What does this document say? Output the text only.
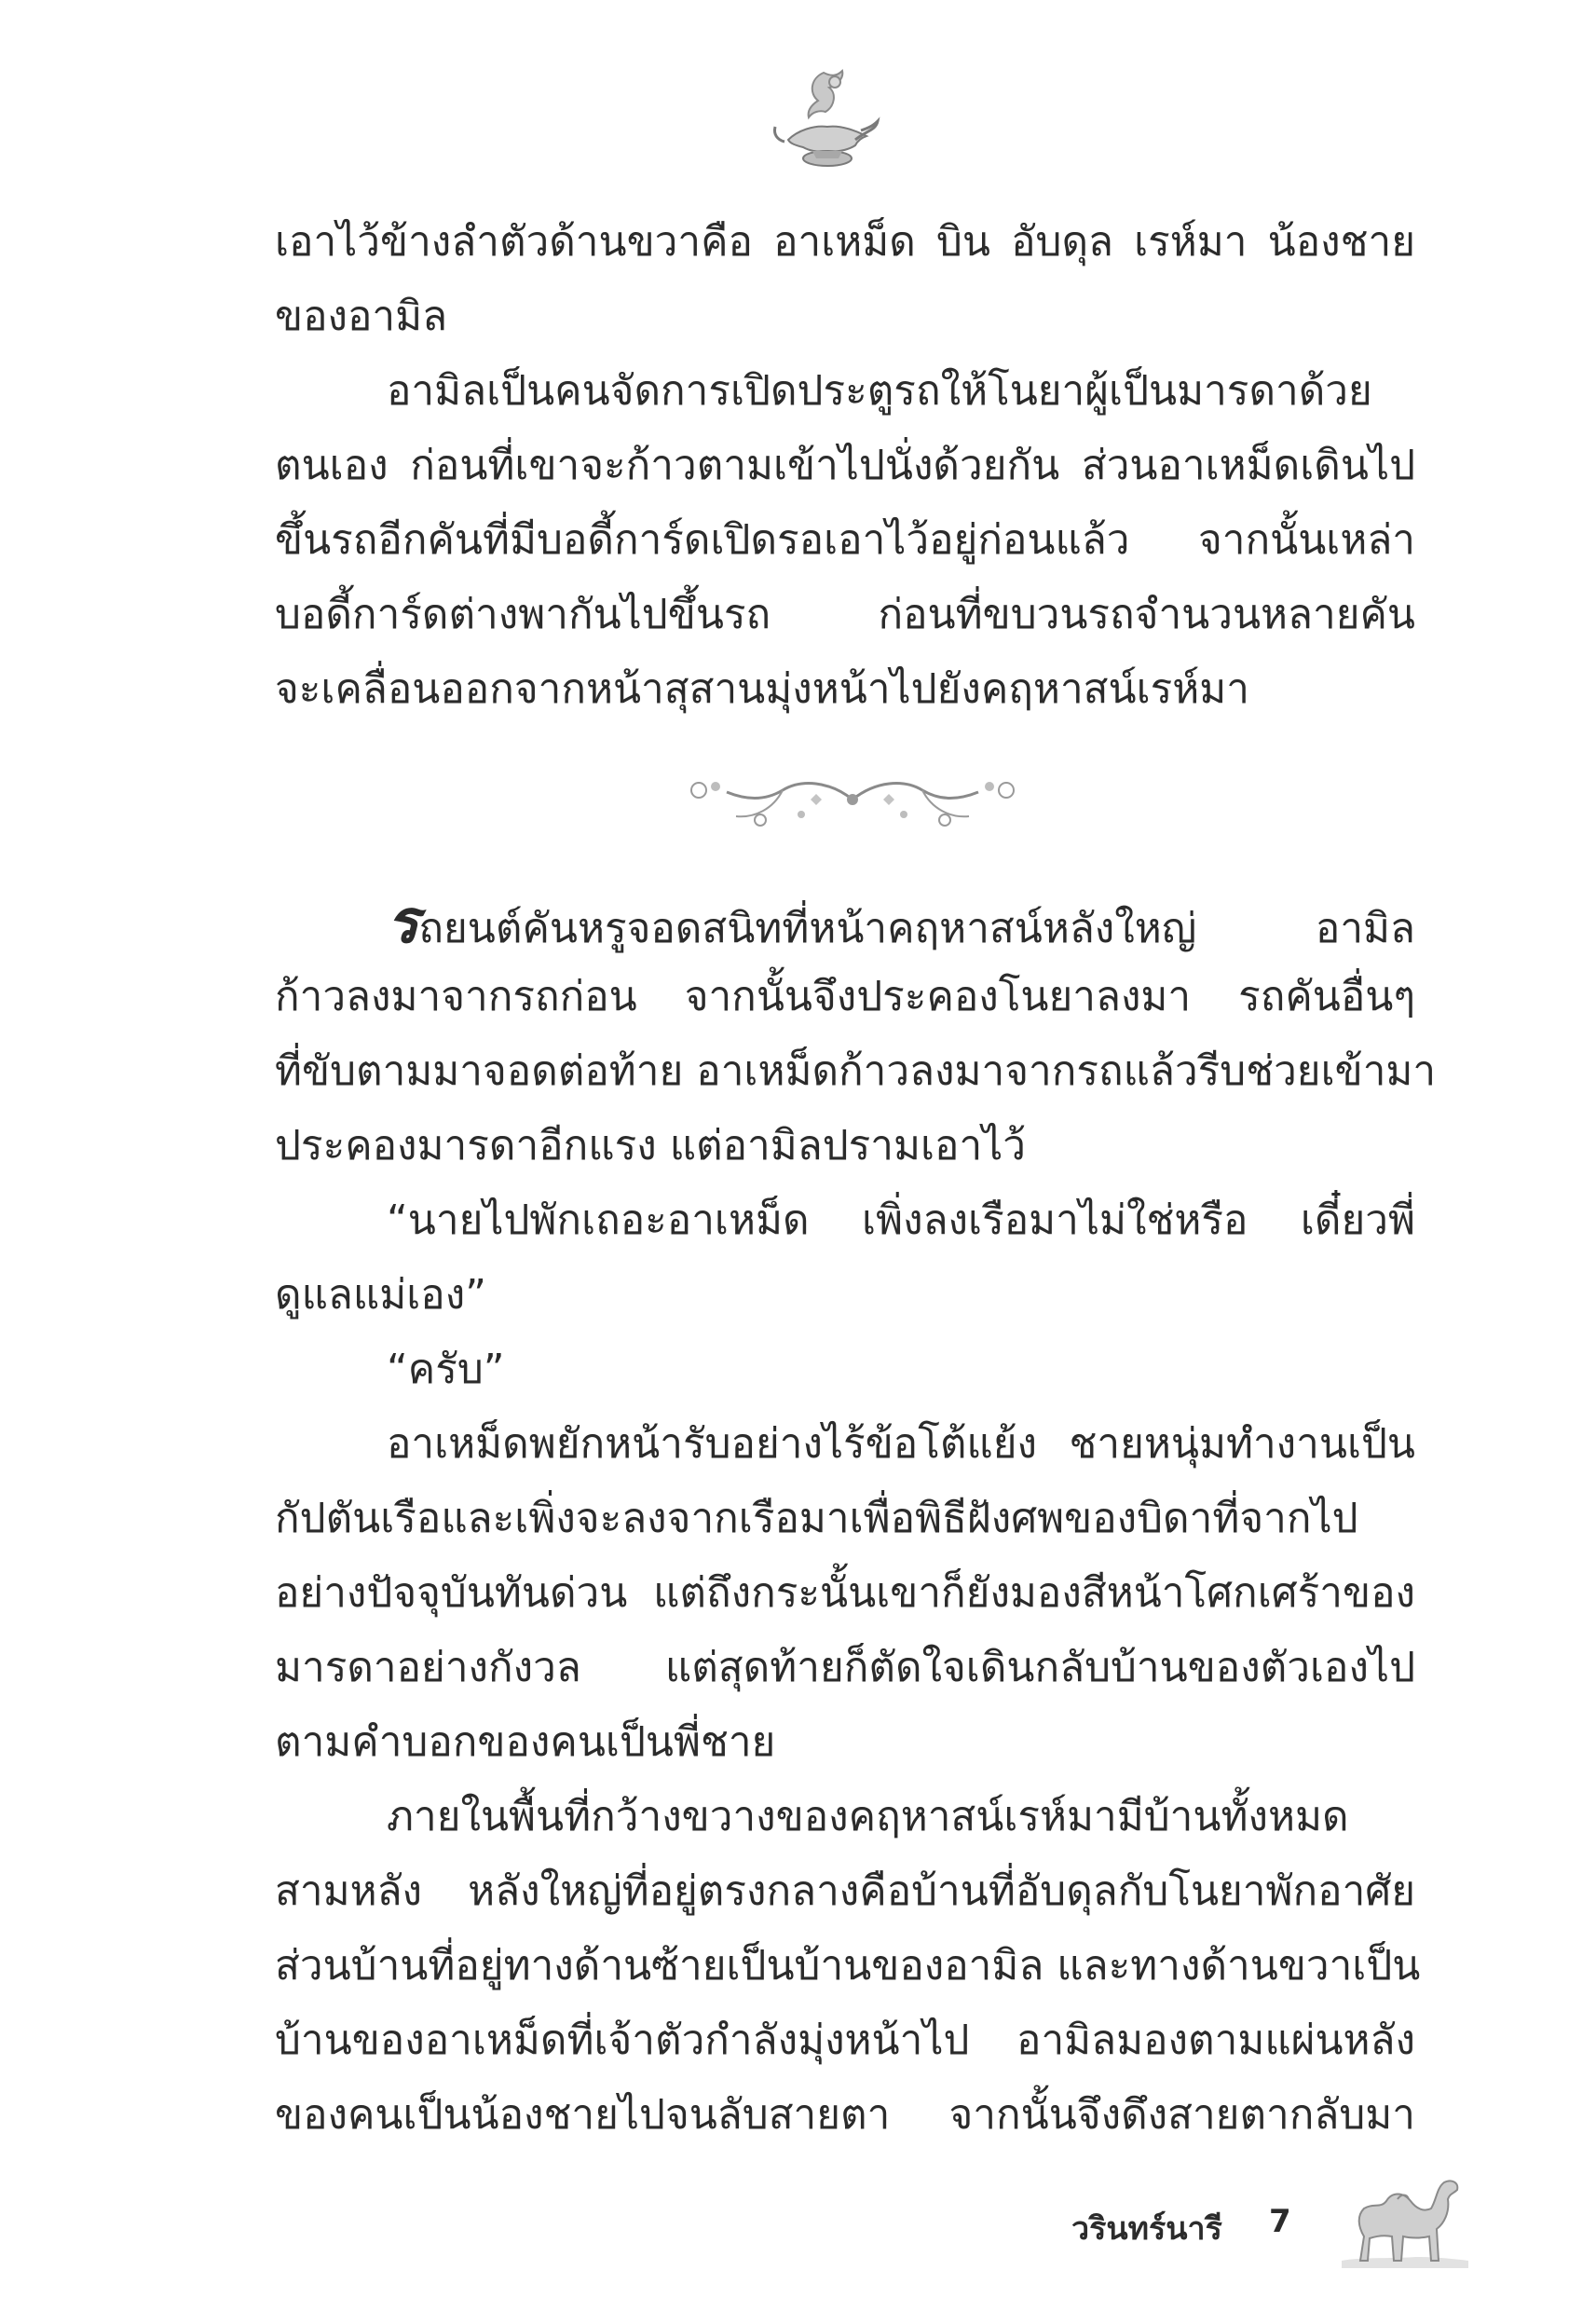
เอาไว้ข้างลำตัวด้านขวาคือ อาเหม็ด บิน อับดุล เรห์มา น้องชาย
ของอามิล
อามิลเป็นคนจัดการเปิดประตูรถให้โนยาผู้เป็นมารดาด้วย
ตนเอง ก่อนที่เขาจะก้าวตามเข้าไปนั่งด้วยกัน ส่วนอาเหม็ดเดินไป
ขึ้นรถอีกคันที่มีบอดี้การ์ดเปิดรอเอาไว้อยู่ก่อนแล้ว จากนั้นเหล่า
บอดี้การ์ดต่างพากันไปขึ้นรถ ก่อนที่ขบวนรถจำนวนหลายคัน
จะเคลื่อนออกจากหน้าสุสานมุ่งหน้าไปยังคฤหาสน์เรห์มา
รถยนต์คันหรูจอดสนิทที่หน้าคฤหาสน์หลังใหญ่ อามิล
ก้าวลงมาจากรถก่อน จากนั้นจึงประคองโนยาลงมา รถคันอื่นๆ
ที่ขับตามมาจอดต่อท้าย อาเหม็ดก้าวลงมาจากรถแล้วรีบช่วยเข้ามา
ประคองมารดาอีกแรง แต่อามิลปรามเอาไว้
“นายไปพักเถอะอาเหม็ด เพิ่งลงเรือมาไม่ใช่หรือ เดี๋ยวพี่
ดูแลแม่เอง”
“ครับ”
อาเหม็ดพยักหน้ารับอย่างไร้ข้อโต้แย้ง ชายหนุ่มทำงานเป็น
กัปตันเรือและเพิ่งจะลงจากเรือมาเพื่อพิธีฝังศพของบิดาที่จากไป
อย่างปัจจุบันทันด่วน แต่ถึงกระนั้นเขาก็ยังมองสีหน้าโศกเศร้าของ
มารดาอย่างกังวล แต่สุดท้ายก็ตัดใจเดินกลับบ้านของตัวเองไป
ตามคำบอกของคนเป็นพี่ชาย
ภายในพื้นที่กว้างขวางของคฤหาสน์เรห์มามีบ้านทั้งหมด
สามหลัง หลังใหญ่ที่อยู่ตรงกลางคือบ้านที่อับดุลกับโนยาพักอาศัย
ส่วนบ้านที่อยู่ทางด้านซ้ายเป็นบ้านของอามิล และทางด้านขวาเป็น
บ้านของอาเหม็ดที่เจ้าตัวกำลังมุ่งหน้าไป อามิลมองตามแผ่นหลัง
ของคนเป็นน้องชายไปจนลับสายตา จากนั้นจึงดึงสายตากลับมา
วรินทร์นารี 7
